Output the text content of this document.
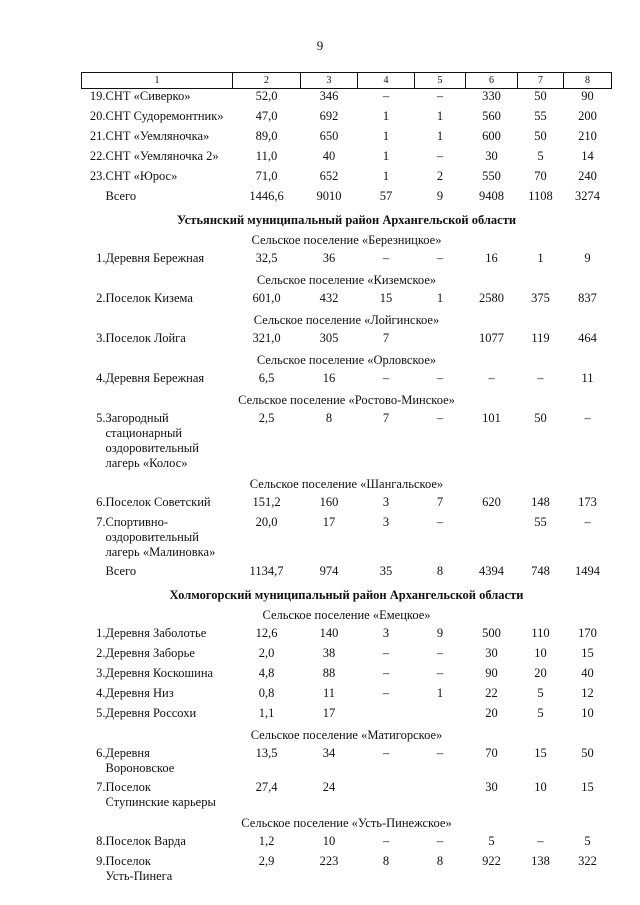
9
1		2	3	4	5	6	7	8
19.	СНТ «Сиверко»	52,0	346	–	–	330	50	90
20.	СНТ Судоремонтник»	47,0	692	1	1	560	55	200
21.	СНТ «Уемляночка»	89,0	650	1	1	600	50	210
22.	СНТ «Уемляночка 2»	11,0	40	1	–	30	5	14
23.	СНТ «Юрос»	71,0	652	1	2	550	70	240
	Всего	1446,6	9010	57	9	9408	1108	3274
Устьянский муниципальный район Архангельской области								
Сельское поселение «Березницкое»								
1.	Деревня Бережная	32,5	36	–	–	16	1	9
Сельское поселение «Киземское»								
2.	Поселок Кизема	601,0	432	15	1	2580	375	837
Сельское поселение «Лойгинское»								
3.	Поселок Лойга	321,0	305	7		1077	119	464
Сельское поселение «Орловское»								
4.	Деревня Бережная	6,5	16	–	–	–	–	11
Сельское поселение «Ростово-Минское»								
5.	Загородный
стационарный
оздоровительный
лагерь «Колос»	2,5	8	7	–	101	50	–
Сельское поселение «Шангальское»								
6.	Поселок Советский	151,2	160	3	7	620	148	173
7.	Спортивно-
оздоровительный
лагерь «Малиновка»	20,0	17	3	–		55	–
	Всего	1134,7	974	35	8	4394	748	1494
Холмогорский муниципальный район Архангельской области								
Сельское поселение «Емецкое»								
1.	Деревня Заболотье	12,6	140	3	9	500	110	170
2.	Деревня Заборье	2,0	38	–	–	30	10	15
3.	Деревня Коскошина	4,8	88	–	–	90	20	40
4.	Деревня Низ	0,8	11	–	1	22	5	12
5.	Деревня Россохи	1,1	17			20	5	10
Сельское поселение «Матигорское»								
6.	Деревня
Вороновское	13,5	34	–	–	70	15	50
7.	Поселок
Ступинские карьеры	27,4	24			30	10	15
Сельское поселение «Усть-Пинежское»								
8.	Поселок Варда	1,2	10	–	–	5	–	5
9.	Поселок
Усть-Пинега	2,9	223	8	8	922	138	322
